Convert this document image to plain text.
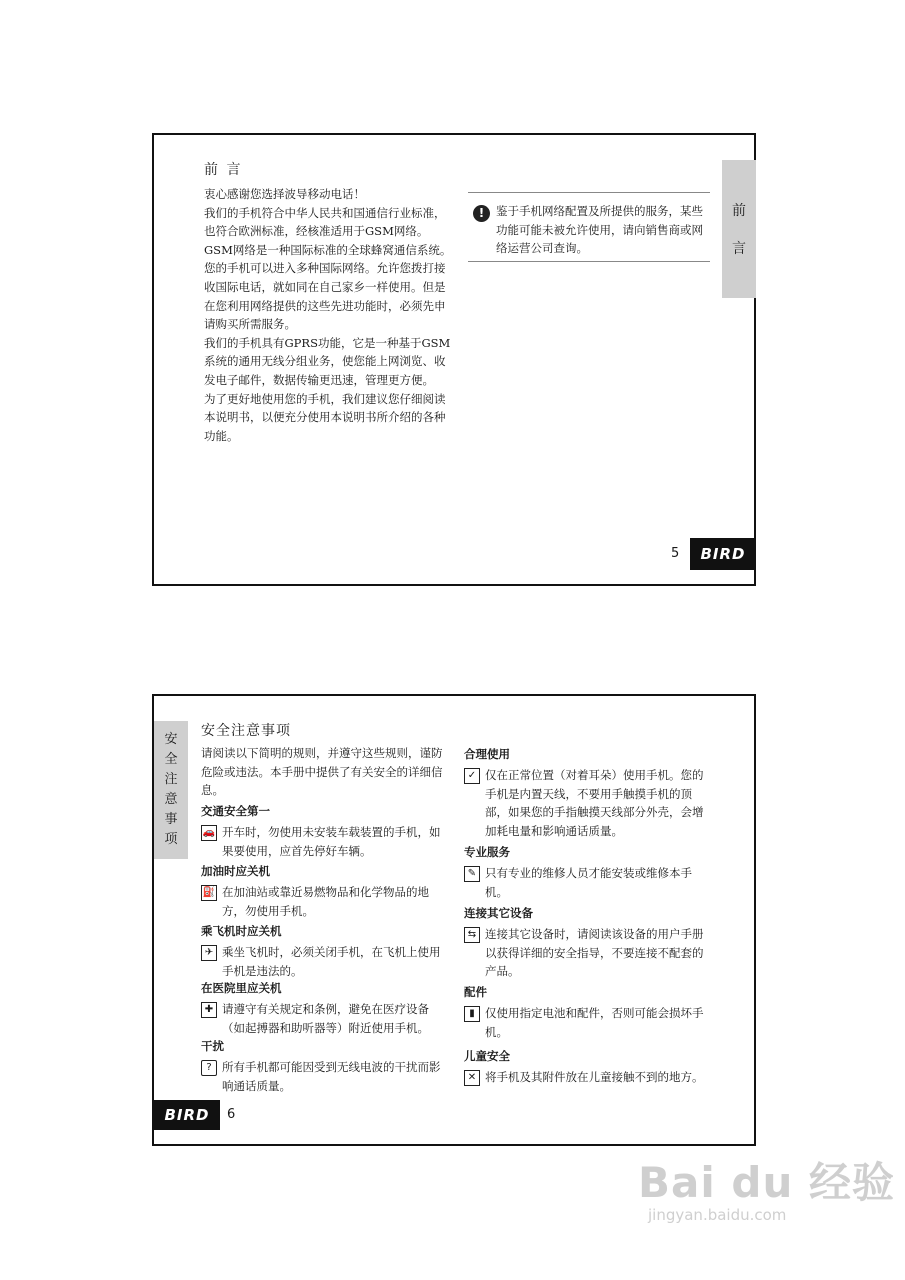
前 言

衷心感谢您选择波导移动电话！

我们的手机符合中华人民共和国通信行业标准，也符合欧洲标准，经核准适用于GSM网络。

GSM网络是一种国际标准的全球蜂窝通信系统。您的手机可以进入多种国际网络。允许您拨打接收国际电话，就如同在自己家乡一样使用。但是在您利用网络提供的这些先进功能时，必须先申请购买所需服务。

我们的手机具有GPRS功能，它是一种基于GSM系统的通用无线分组业务，使您能上网浏览、收发电子邮件，数据传输更迅速，管理更方便。

为了更好地使用您的手机，我们建议您仔细阅读本说明书，以便充分使用本说明书所介绍的各种功能。

!	鉴于手机网络配置及所提供的服务，某些功能可能未被允许使用，请向销售商或网络运营公司查询。
前
言
5	BIRD
安
全
注
意
事
项
安全注意事项
请阅读以下简明的规则，并遵守这些规则，谨防危险或违法。本手册中提供了有关安全的详细信息。
交通安全第一
🚗 开车时，勿使用未安装车载装置的手机，如果要使用，应首先停好车辆。
加油时应关机
⛽ 在加油站或靠近易燃物品和化学物品的地方，勿使用手机。
乘飞机时应关机
✈ 乘坐飞机时，必须关闭手机，在飞机上使用手机是违法的。
在医院里应关机
✚ 请遵守有关规定和条例，避免在医疗设备（如起搏器和助听器等）附近使用手机。
干扰
? 所有手机都可能因受到无线电波的干扰而影响通话质量。
合理使用
✓ 仅在正常位置（对着耳朵）使用手机。您的手机是内置天线，不要用手触摸手机的顶部，如果您的手指触摸天线部分外壳，会增加耗电量和影响通话质量。
专业服务
✎ 只有专业的维修人员才能安装或维修本手机。
连接其它设备
⇆ 连接其它设备时，请阅读该设备的用户手册以获得详细的安全指导，不要连接不配套的产品。
配件
▮ 仅使用指定电池和配件，否则可能会损坏手机。
儿童安全
✕ 将手机及其附件放在儿童接触不到的地方。
BIRD	6
Bai du 经验
jingyan.baidu.com
